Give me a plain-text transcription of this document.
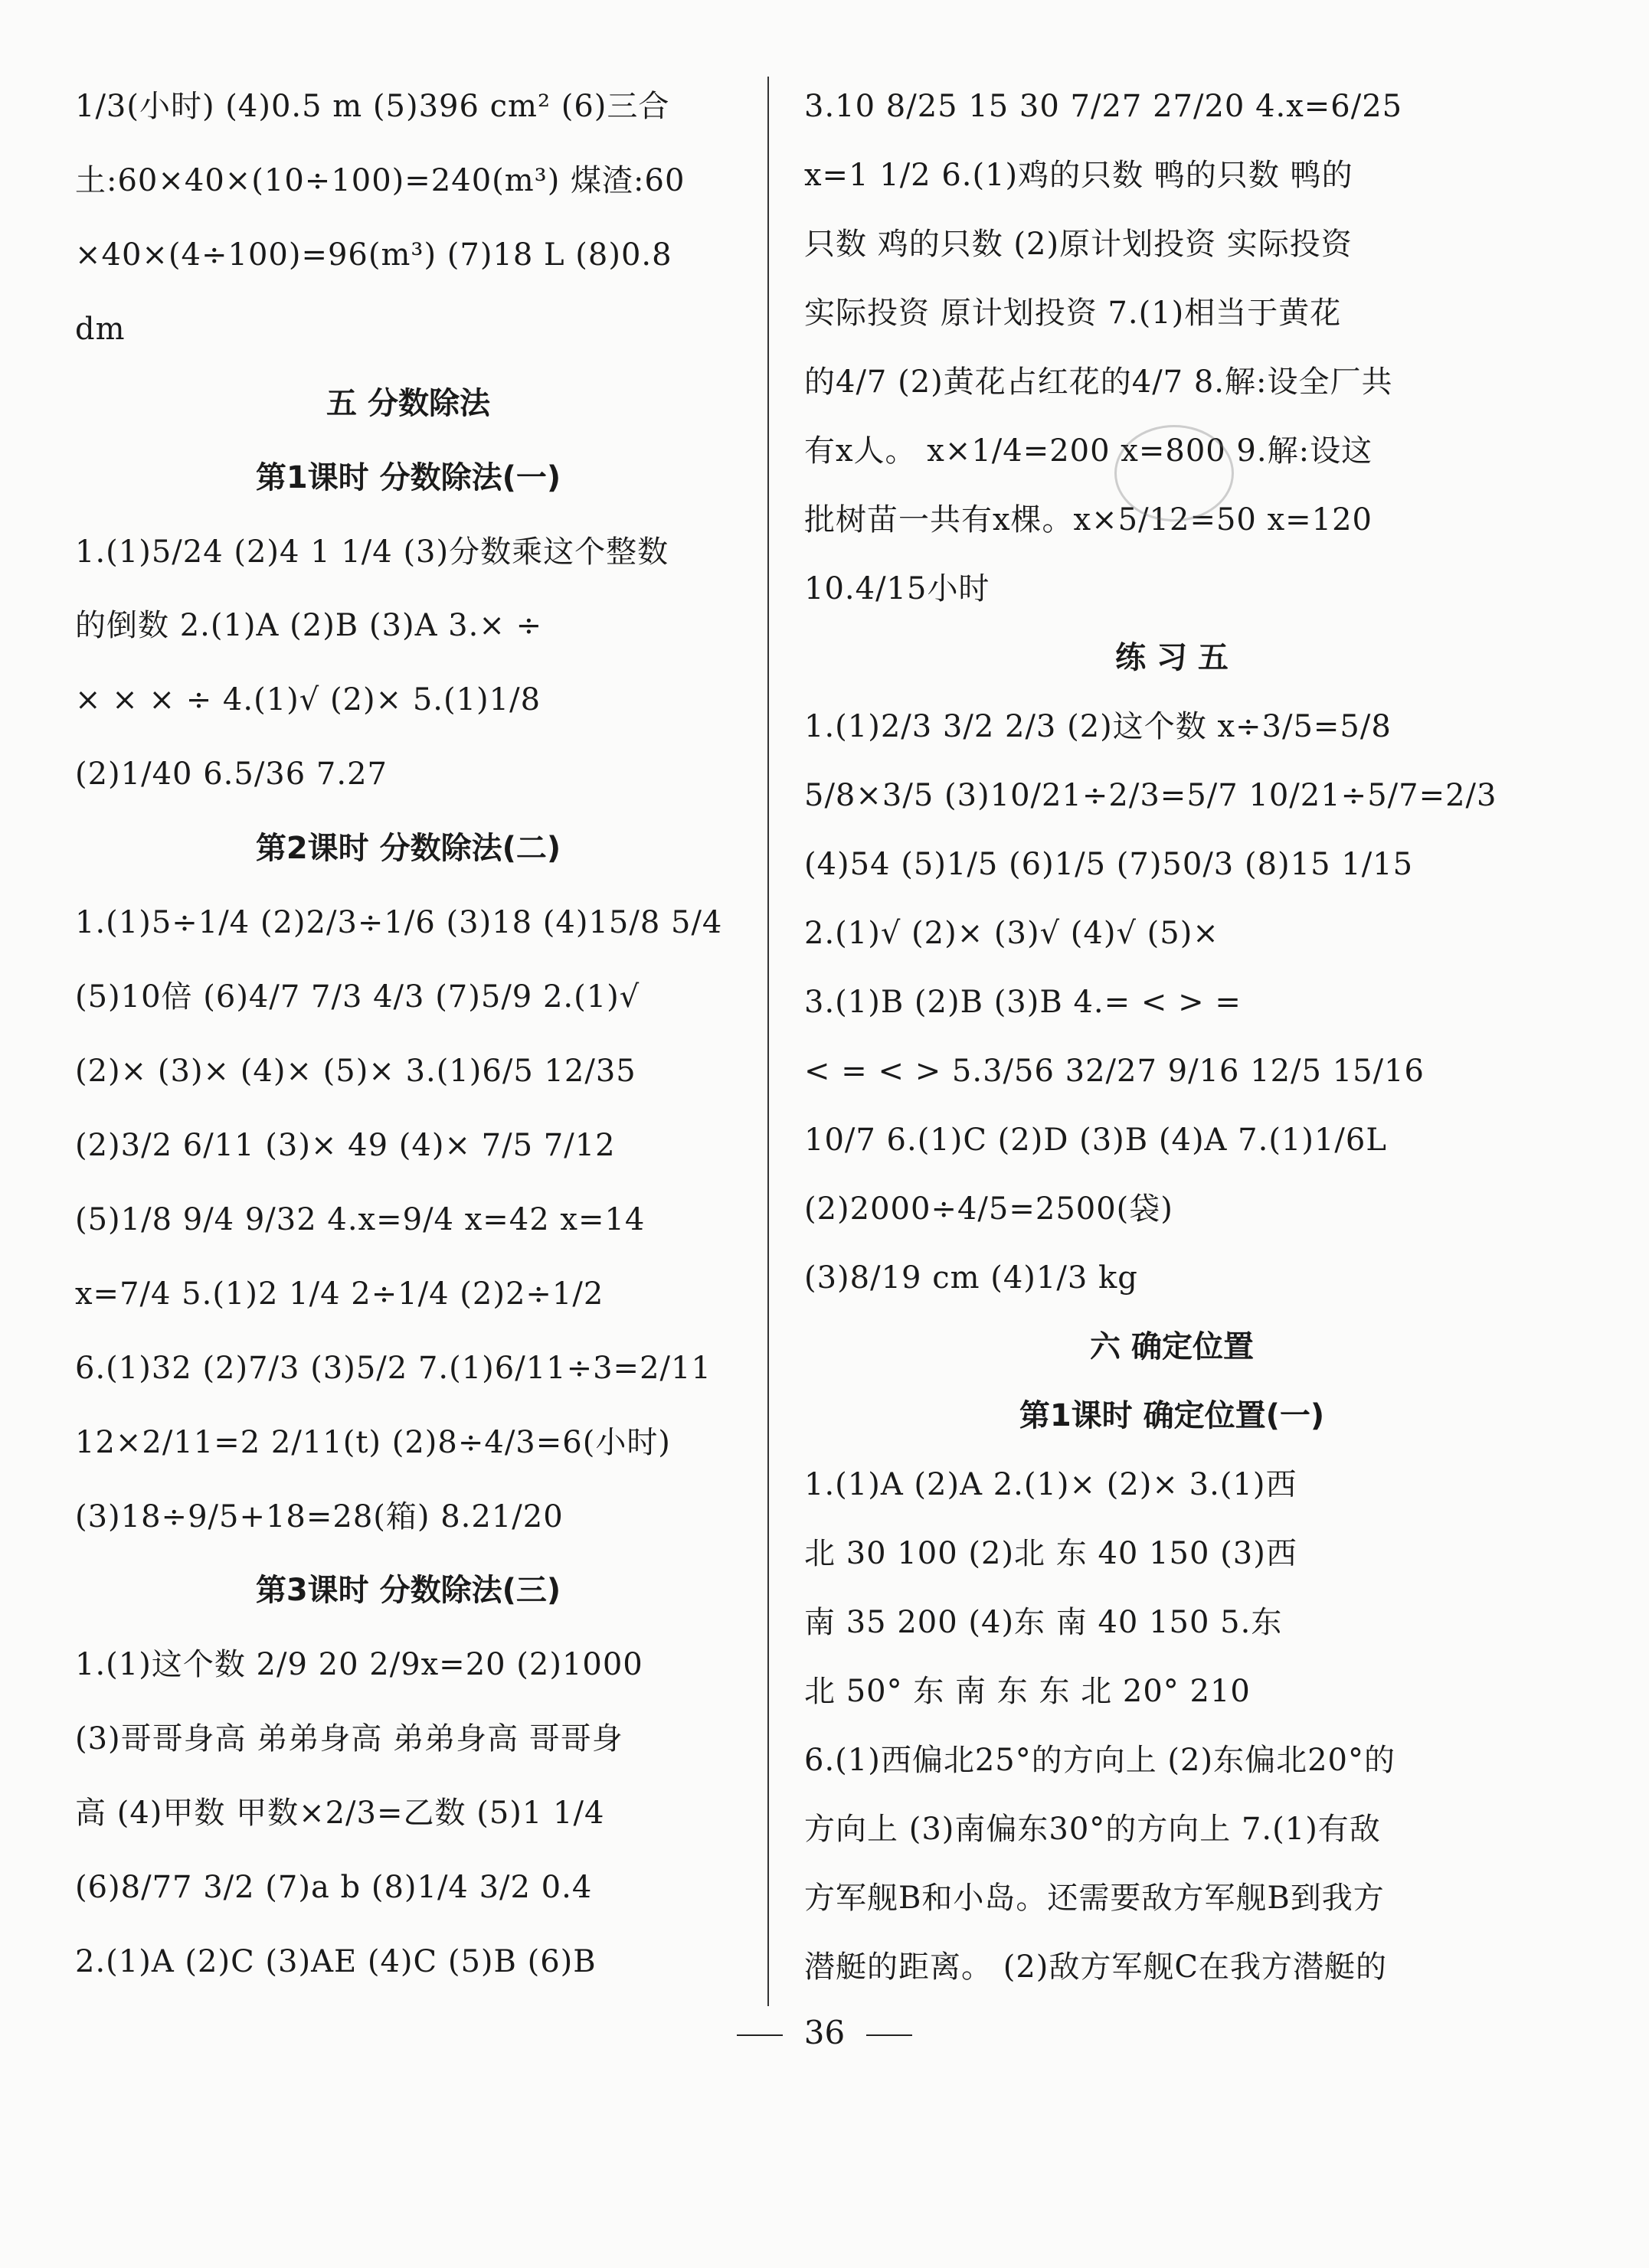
1/3(小时) (4)0.5 m (5)396 cm² (6)三合
土:60×40×(10÷100)=240(m³) 煤渣:60
×40×(4÷100)=96(m³) (7)18 L (8)0.8
dm
五 分数除法
第1课时 分数除法(一)
1.(1)5/24 (2)4 1 1/4 (3)分数乘这个整数
的倒数 2.(1)A (2)B (3)A 3.× ÷
× × × ÷ 4.(1)√ (2)× 5.(1)1/8
(2)1/40 6.5/36 7.27
第2课时 分数除法(二)
1.(1)5÷1/4 (2)2/3÷1/6 (3)18 (4)15/8 5/4
(5)10倍 (6)4/7 7/3 4/3 (7)5/9 2.(1)√
(2)× (3)× (4)× (5)× 3.(1)6/5 12/35
(2)3/2 6/11 (3)× 49 (4)× 7/5 7/12
(5)1/8 9/4 9/32 4.x=9/4 x=42 x=14
x=7/4 5.(1)2 1/4 2÷1/4 (2)2÷1/2
6.(1)32 (2)7/3 (3)5/2 7.(1)6/11÷3=2/11
12×2/11=2 2/11(t) (2)8÷4/3=6(小时)
(3)18÷9/5+18=28(箱) 8.21/20
第3课时 分数除法(三)
1.(1)这个数 2/9 20 2/9x=20 (2)1000
(3)哥哥身高 弟弟身高 弟弟身高 哥哥身
高 (4)甲数 甲数×2/3=乙数 (5)1 1/4
(6)8/77 3/2 (7)a b (8)1/4 3/2 0.4
2.(1)A (2)C (3)AE (4)C (5)B (6)B
3.10 8/25 15 30 7/27 27/20 4.x=6/25
x=1 1/2 6.(1)鸡的只数 鸭的只数 鸭的
只数 鸡的只数 (2)原计划投资 实际投资
实际投资 原计划投资 7.(1)相当于黄花
的4/7 (2)黄花占红花的4/7 8.解:设全厂共
有x人。 x×1/4=200 x=800 9.解:设这
批树苗一共有x棵。x×5/12=50 x=120
10.4/15小时
练 习 五
1.(1)2/3 3/2 2/3 (2)这个数 x÷3/5=5/8
5/8×3/5 (3)10/21÷2/3=5/7 10/21÷5/7=2/3
(4)54 (5)1/5 (6)1/5 (7)50/3 (8)15 1/15
2.(1)√ (2)× (3)√ (4)√ (5)×
3.(1)B (2)B (3)B 4.= < > =
< = < > 5.3/56 32/27 9/16 12/5 15/16
10/7 6.(1)C (2)D (3)B (4)A 7.(1)1/6L
(2)2000÷4/5=2500(袋)
(3)8/19 cm (4)1/3 kg
六 确定位置
第1课时 确定位置(一)
1.(1)A (2)A 2.(1)× (2)× 3.(1)西
北 30 100 (2)北 东 40 150 (3)西
南 35 200 (4)东 南 40 150 5.东
北 50° 东 南 东 东 北 20° 210
6.(1)西偏北25°的方向上 (2)东偏北20°的
方向上 (3)南偏东30°的方向上 7.(1)有敌
方军舰B和小岛。还需要敌方军舰B到我方
潜艇的距离。 (2)敌方军舰C在我方潜艇的
36
